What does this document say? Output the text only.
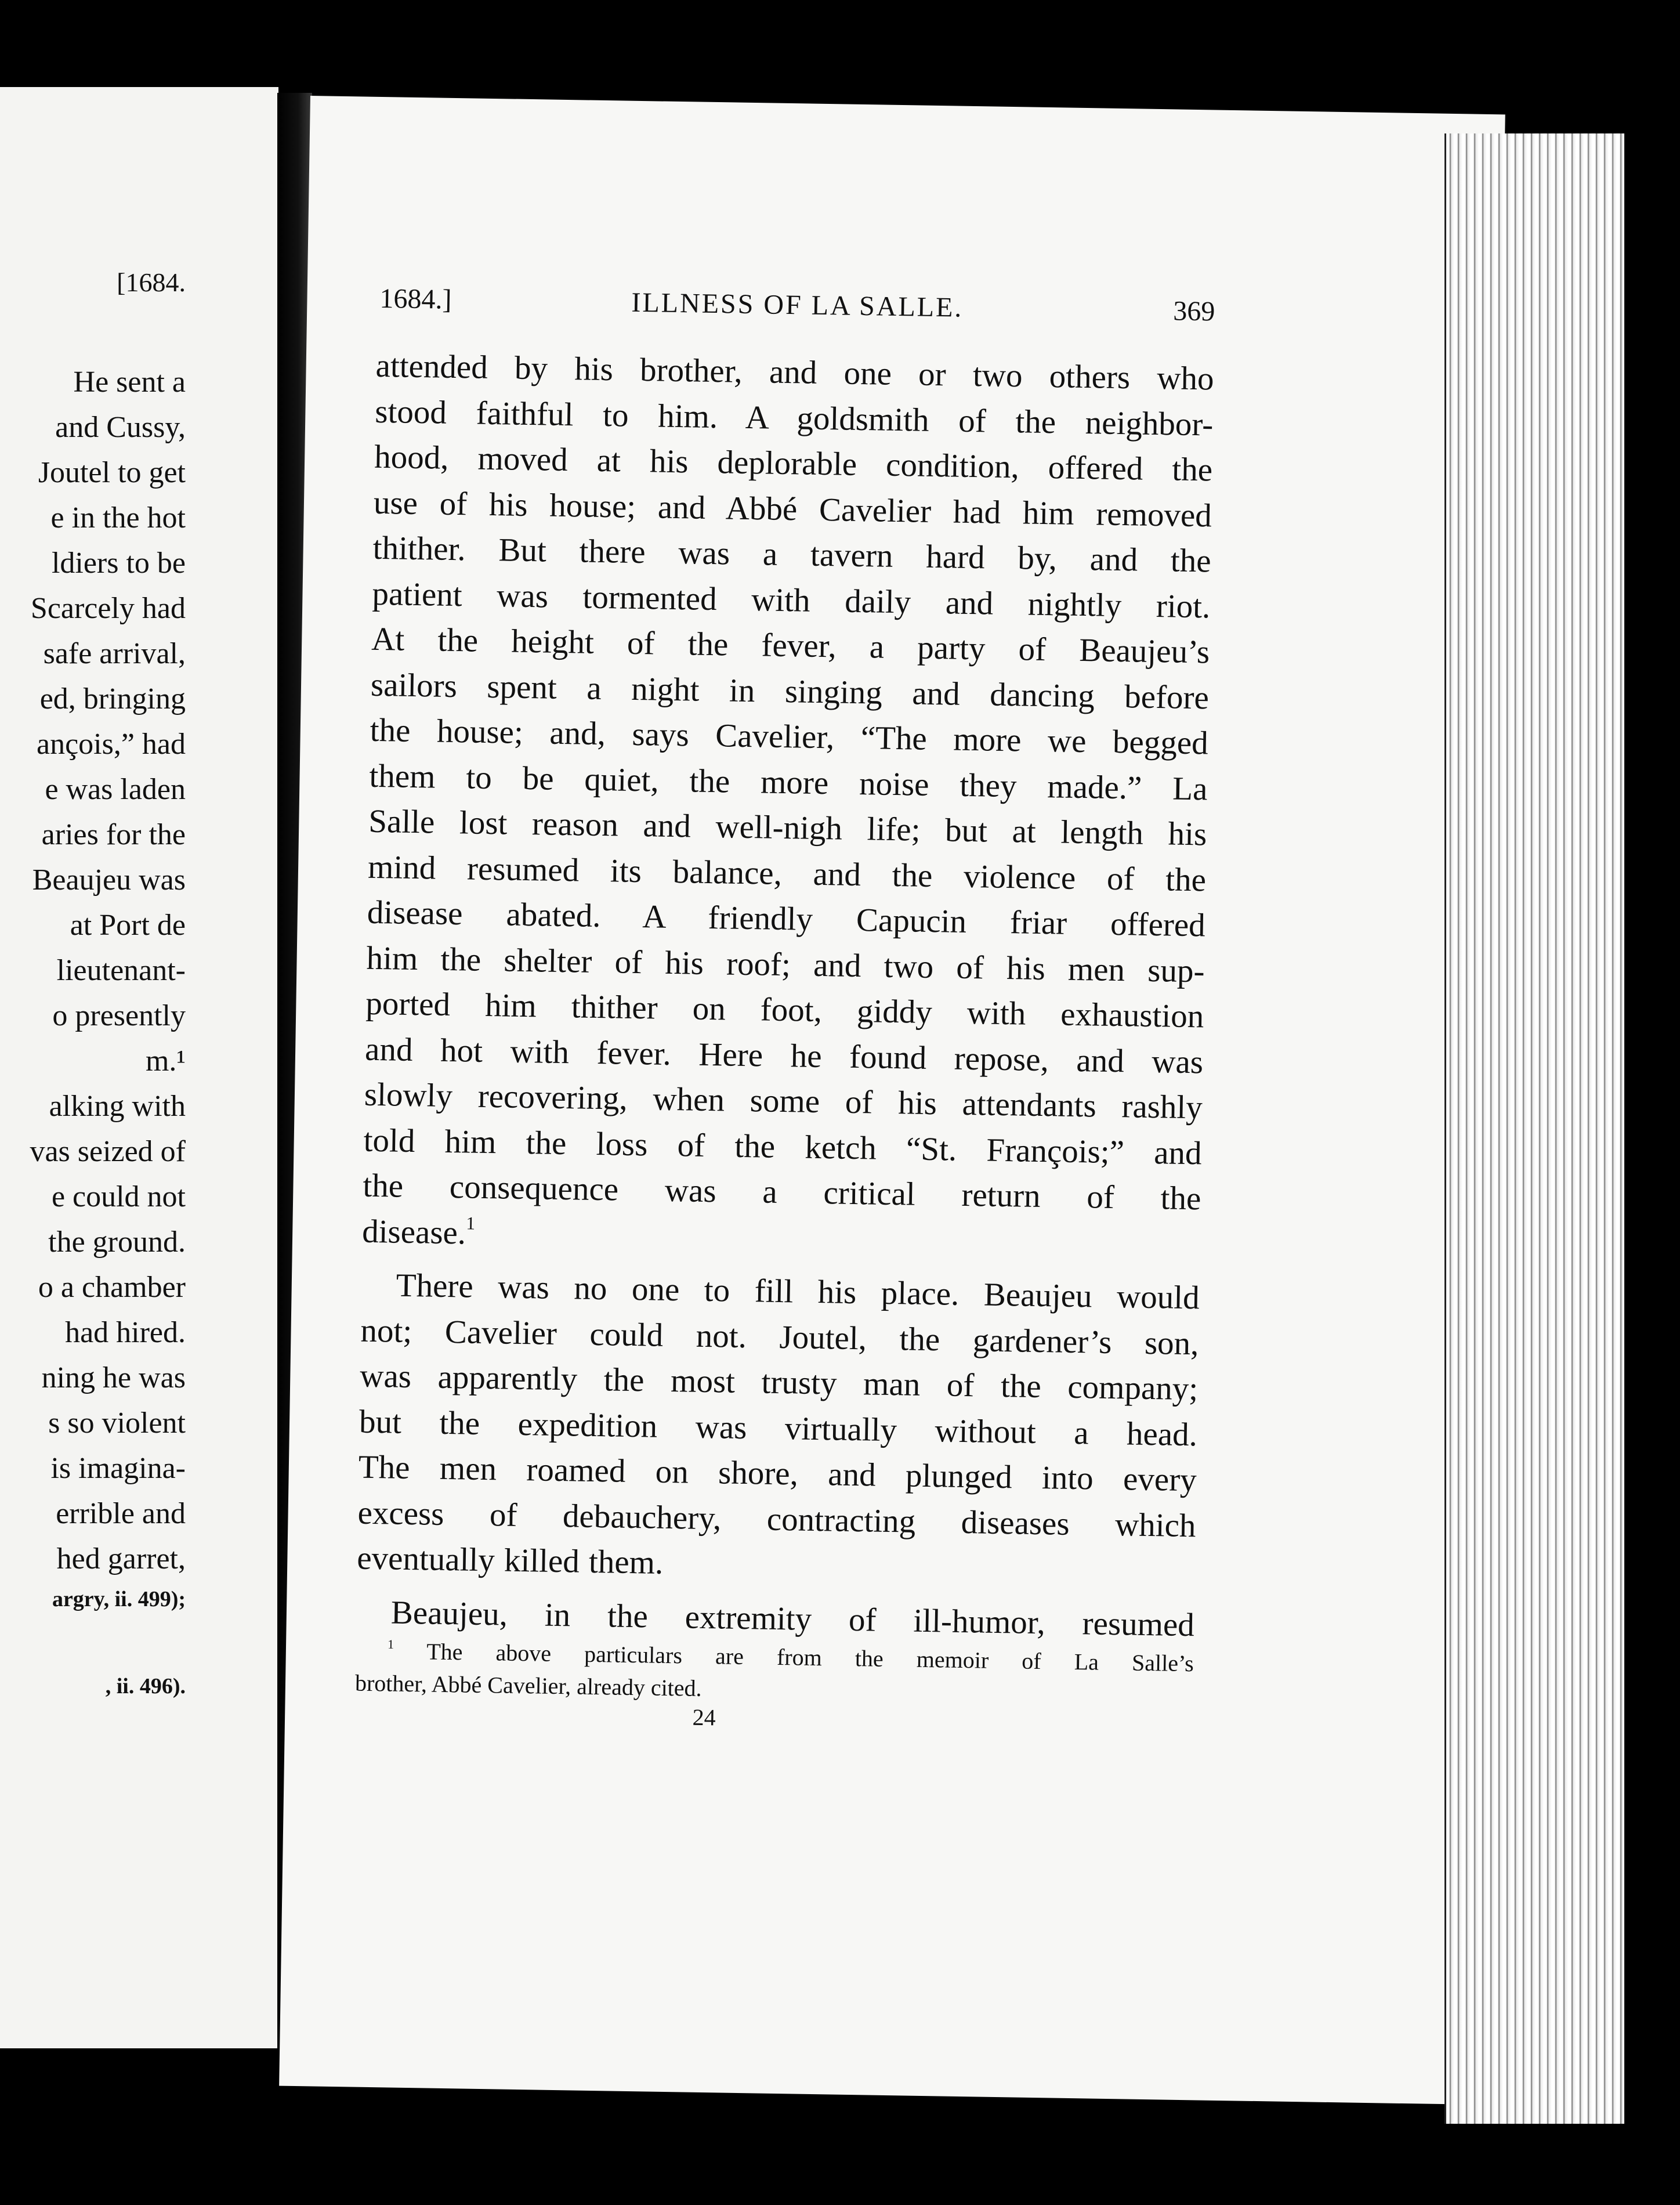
[1684.
He sent a
and Cussy,
Joutel to get
e in the hot
ldiers to be
Scarcely had
safe arrival,
ed, bringing
ançois,” had
e was laden
aries for the
Beaujeu was
at Port de
lieutenant-
o presently
m.¹
alking with
vas seized of
e could not
the ground.
o a chamber
had hired.
ning he was
s so violent
is imagina-
errible and
hed garret,
argry, ii. 499);
, ii. 496).
1684.]	ILLNESS OF LA SALLE.	369
attended by his brother, and one or two others who
stood faithful to him. A goldsmith of the neighbor-
hood, moved at his deplorable condition, offered the
use of his house; and Abbé Cavelier had him removed
thither. But there was a tavern hard by, and the
patient was tormented with daily and nightly riot.
At the height of the fever, a party of Beaujeu’s
sailors spent a night in singing and dancing before
the house; and, says Cavelier, “The more we begged
them to be quiet, the more noise they made.” La
Salle lost reason and well-nigh life; but at length his
mind resumed its balance, and the violence of the
disease abated. A friendly Capucin friar offered
him the shelter of his roof; and two of his men sup-
ported him thither on foot, giddy with exhaustion
and hot with fever. Here he found repose, and was
slowly recovering, when some of his attendants rashly
told him the loss of the ketch “St. François;” and
the consequence was a critical return of the
disease.$^1$
There was no one to fill his place. Beaujeu would
not; Cavelier could not. Joutel, the gardener’s son,
was apparently the most trusty man of the company;
but the expedition was virtually without a head.
The men roamed on shore, and plunged into every
excess of debauchery, contracting diseases which
eventually killed them.
Beaujeu, in the extremity of ill-humor, resumed
$^1$ The above particulars are from the memoir of La Salle’s
brother, Abbé Cavelier, already cited.
24
